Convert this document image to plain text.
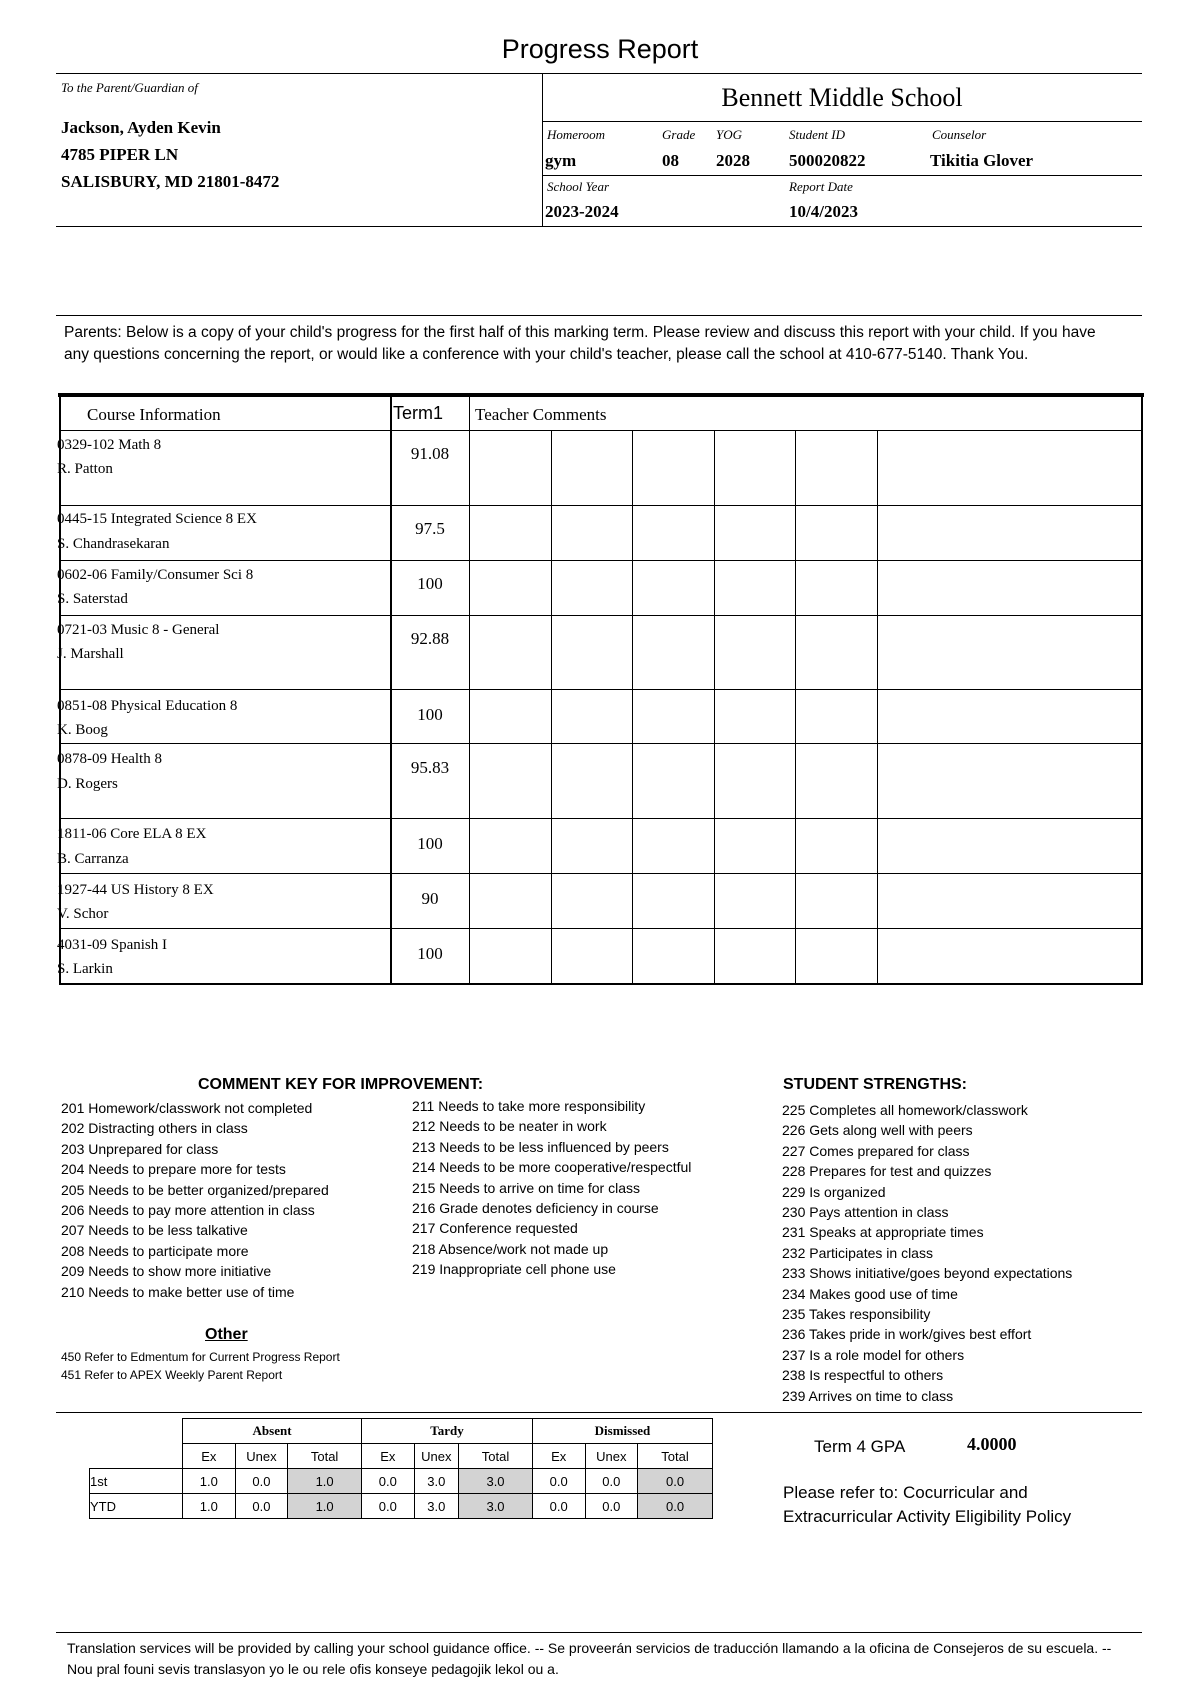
Progress Report
To the Parent/Guardian of
Jackson, Ayden Kevin
4785 PIPER LN
SALISBURY, MD 21801-8472
Bennett Middle School
Homeroom	Grade YOG	Student ID	Counselor
gym	08 2028 500020822	Tikitia Glover
School Year	Report Date
2023-2024	10/4/2023
Parents: Below is a copy of your child's progress for the first half of this marking term. Please review and discuss this report with your child. If you have any questions concerning the report, or would like a conference with your child's teacher, please call the school at 410-677-5140. Thank You.
Course Information	Term1 Teacher Comments
0329-102 Math 8
R. Patton
91.08
0445-15 Integrated Science 8 EX
S. Chandrasekaran
97.5
0602-06 Family/Consumer Sci 8
S. Saterstad
100
0721-03 Music 8 - General
J. Marshall
92.88
0851-08 Physical Education 8
K. Boog
100
0878-09 Health 8
D. Rogers
95.83
1811-06 Core ELA 8 EX
B. Carranza
100
1927-44 US History 8 EX
V. Schor
90
4031-09 Spanish I
S. Larkin
100
COMMENT KEY FOR IMPROVEMENT:
201 Homework/classwork not completed
202 Distracting others in class
203 Unprepared for class
204 Needs to prepare more for tests
205 Needs to be better organized/prepared
206 Needs to pay more attention in class
207 Needs to be less talkative
208 Needs to participate more
209 Needs to show more initiative
210 Needs to make better use of time
211 Needs to take more responsibility
212 Needs to be neater in work
213 Needs to be less influenced by peers
214 Needs to be more cooperative/respectful
215 Needs to arrive on time for class
216 Grade denotes deficiency in course
217 Conference requested
218 Absence/work not made up
219 Inappropriate cell phone use
Other
450 Refer to Edmentum for Current Progress Report
451 Refer to APEX Weekly Parent Report
STUDENT STRENGTHS:
225 Completes all homework/classwork
226 Gets along well with peers
227 Comes prepared for class
228 Prepares for test and quizzes
229 Is organized
230 Pays attention in class
231 Speaks at appropriate times
232 Participates in class
233 Shows initiative/goes beyond expectations
234 Makes good use of time
235 Takes responsibility
236 Takes pride in work/gives best effort
237 Is a role model for others
238 Is respectful to others
239 Arrives on time to class
	Absent			Tardy			Dismissed		
	Ex	Unex	Total	Ex	Unex	Total	Ex	Unex	Total
1st	1.0	0.0	1.0	0.0	3.0	3.0	0.0	0.0	0.0
YTD	1.0	0.0	1.0	0.0	3.0	3.0	0.0	0.0	0.0
Term 4 GPA	4.0000
Please refer to: Cocurricular and Extracurricular Activity Eligibility Policy
Translation services will be provided by calling your school guidance office. -- Se proveerán servicios de traducción llamando a la oficina de Consejeros de su escuela. -- Nou pral founi sevis translasyon yo le ou rele ofis konseye pedagojik lekol ou a.
